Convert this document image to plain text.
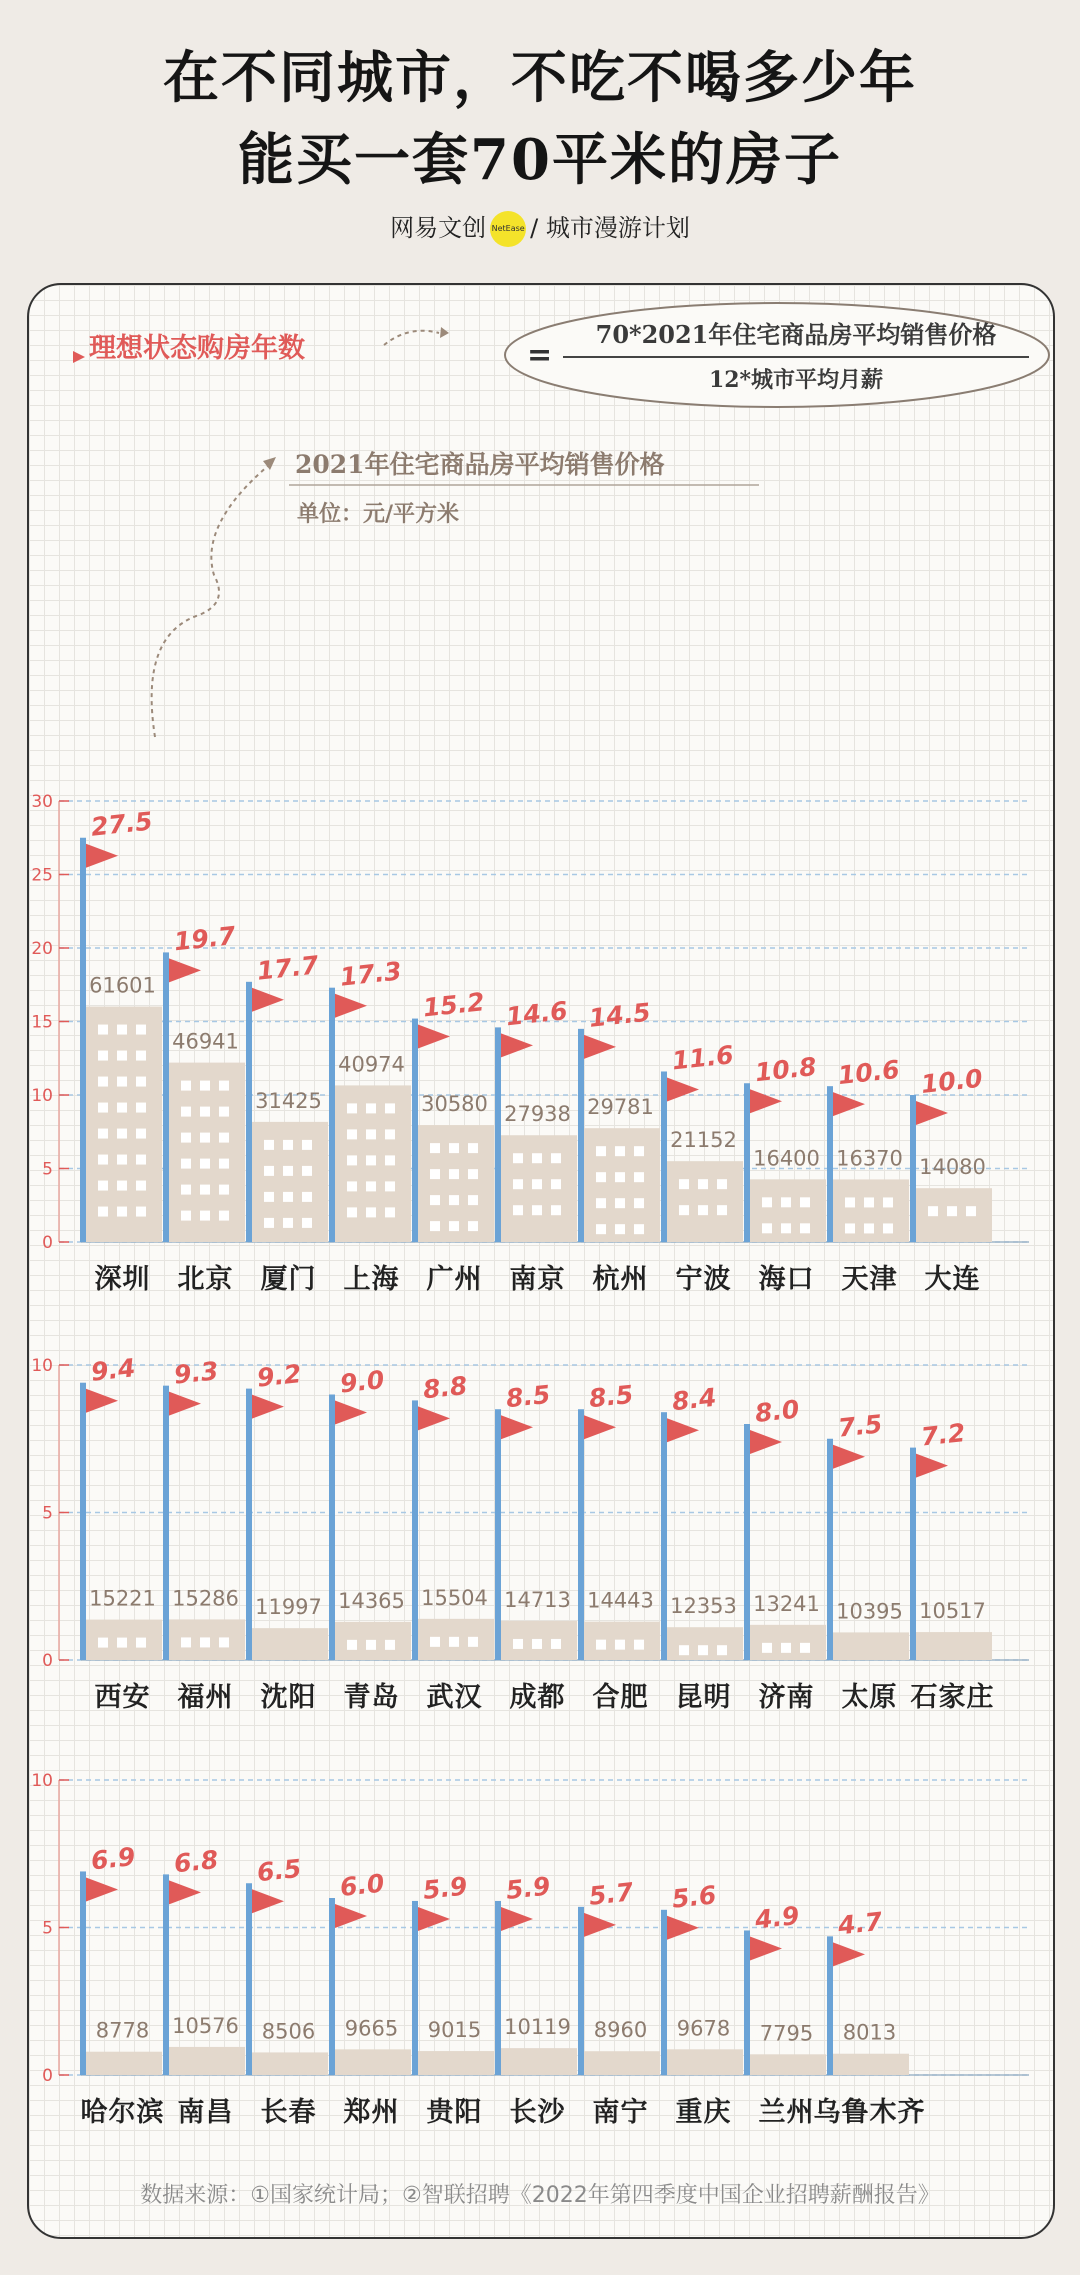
在不同城市，不吃不喝多少年
能买一套70平米的房子
网易文创 NetEase / 城市漫游计划
理想状态购房年数	=
70*2021年住宅商品房平均销售价格
12*城市平均月薪
2021年住宅商品房平均销售价格
单位：元/平方米
0
5
10
15
20
25
30
61601
27.5
深圳
46941
19.7
北京
31425
17.7
厦门
40974
17.3
上海
30580
15.2
广州
27938
14.6
南京
29781
14.5
杭州
21152
11.6
宁波
16400
10.8
海口
16370
10.6
天津
14080
10.0
大连
0
5
10
15221
9.4
西安
15286
9.3
福州
11997
9.2
沈阳
14365
9.0
青岛
15504
8.8
武汉
14713
8.5
成都
14443
8.5
合肥
12353
8.4
昆明
13241
8.0
济南
10395
7.5
太原
10517
7.2
石家庄
0
5
10
8778
6.9
哈尔滨
10576
6.8
南昌
8506
6.5
长春
9665
6.0
郑州
9015
5.9
贵阳
10119
5.9
长沙
8960
5.7
南宁
9678
5.6
重庆
7795
4.9
兰州
8013
4.7
乌鲁木齐
数据来源：①国家统计局；②智联招聘《2022年第四季度中国企业招聘薪酬报告》
